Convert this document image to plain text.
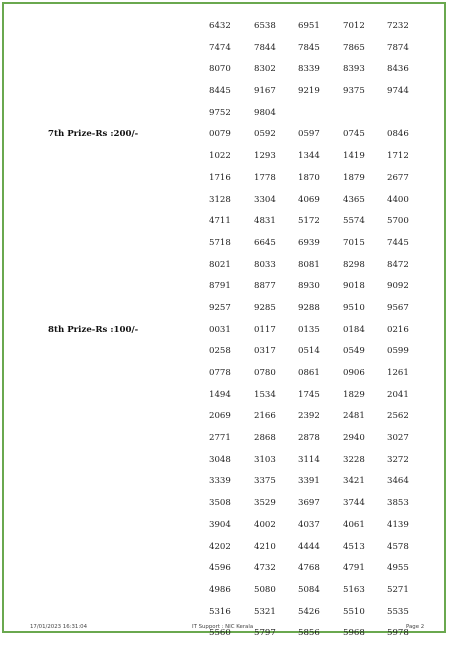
6432	6538	6951	7012	7232
7474	7844	7845	7865	7874
8070	8302	8339	8393	8436
8445	9167	9219	9375	9744
9752	9804
7th Prize-Rs :200/-	0079	0592	0597	0745	0846
1022	1293	1344	1419	1712
1716	1778	1870	1879	2677
3128	3304	4069	4365	4400
4711	4831	5172	5574	5700
5718	6645	6939	7015	7445
8021	8033	8081	8298	8472
8791	8877	8930	9018	9092
9257	9285	9288	9510	9567
8th Prize-Rs :100/-	0031	0117	0135	0184	0216
0258	0317	0514	0549	0599
0778	0780	0861	0906	1261
1494	1534	1745	1829	2041
2069	2166	2392	2481	2562
2771	2868	2878	2940	3027
3048	3103	3114	3228	3272
3339	3375	3391	3421	3464
3508	3529	3697	3744	3853
3904	4002	4037	4061	4139
4202	4210	4444	4513	4578
4596	4732	4768	4791	4955
4986	5080	5084	5163	5271
5316	5321	5426	5510	5535
5560	5797	5856	5968	5978
17/01/2023 16:31:04	IT Support : NIC Kerala	Page 2
